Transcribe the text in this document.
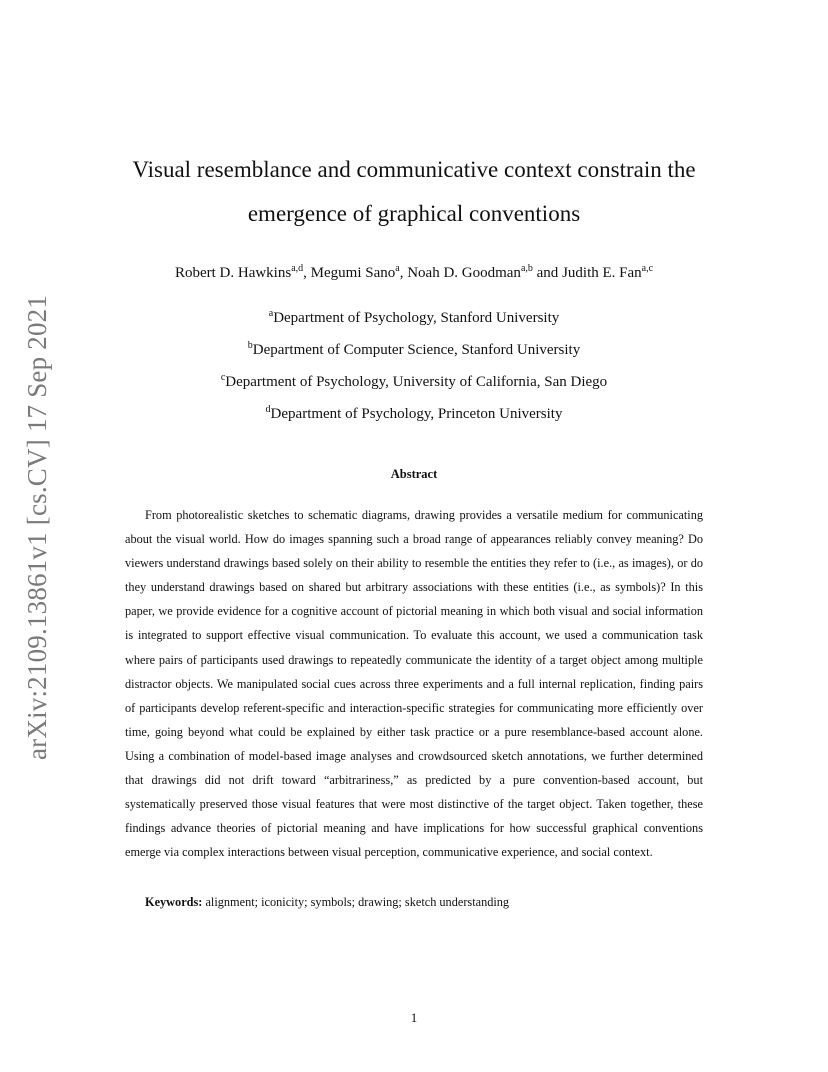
arXiv:2109.13861v1 [cs.CV] 17 Sep 2021
Visual resemblance and communicative context constrain the
emergence of graphical conventions
Robert D. Hawkins$^{a,d}$, Megumi Sano$^a$, Noah D. Goodman$^{a,b}$ and Judith E. Fan$^{a,c}$
$^a$Department of Psychology, Stanford University
$^b$Department of Computer Science, Stanford University
$^c$Department of Psychology, University of California, San Diego
$^d$Department of Psychology, Princeton University
Abstract

From photorealistic sketches to schematic diagrams, drawing provides a versatile medium for communicating about the visual world. How do images spanning such a broad range of appearances reliably convey meaning? Do viewers understand drawings based solely on their ability to resemble the entities they refer to (i.e., as images), or do they understand drawings based on shared but arbitrary associations with these entities (i.e., as symbols)? In this paper, we provide evidence for a cognitive account of pictorial meaning in which both visual and social information is integrated to support effective visual communication. To evaluate this account, we used a communication task where pairs of participants used drawings to repeatedly communicate the identity of a target object among multiple distractor objects. We manipulated social cues across three experiments and a full internal replication, finding pairs of participants develop referent-specific and interaction-specific strategies for communicating more efficiently over time, going beyond what could be explained by either task practice or a pure resemblance-based account alone. Using a combination of model-based image analyses and crowdsourced sketch annotations, we further determined that drawings did not drift toward “arbitrariness,” as predicted by a pure convention-based account, but systematically preserved those visual features that were most distinctive of the target object. Taken together, these findings advance theories of pictorial meaning and have implications for how successful graphical conventions emerge via complex interactions between visual perception, communicative experience, and social context.

Keywords: alignment; iconicity; symbols; drawing; sketch understanding
1
